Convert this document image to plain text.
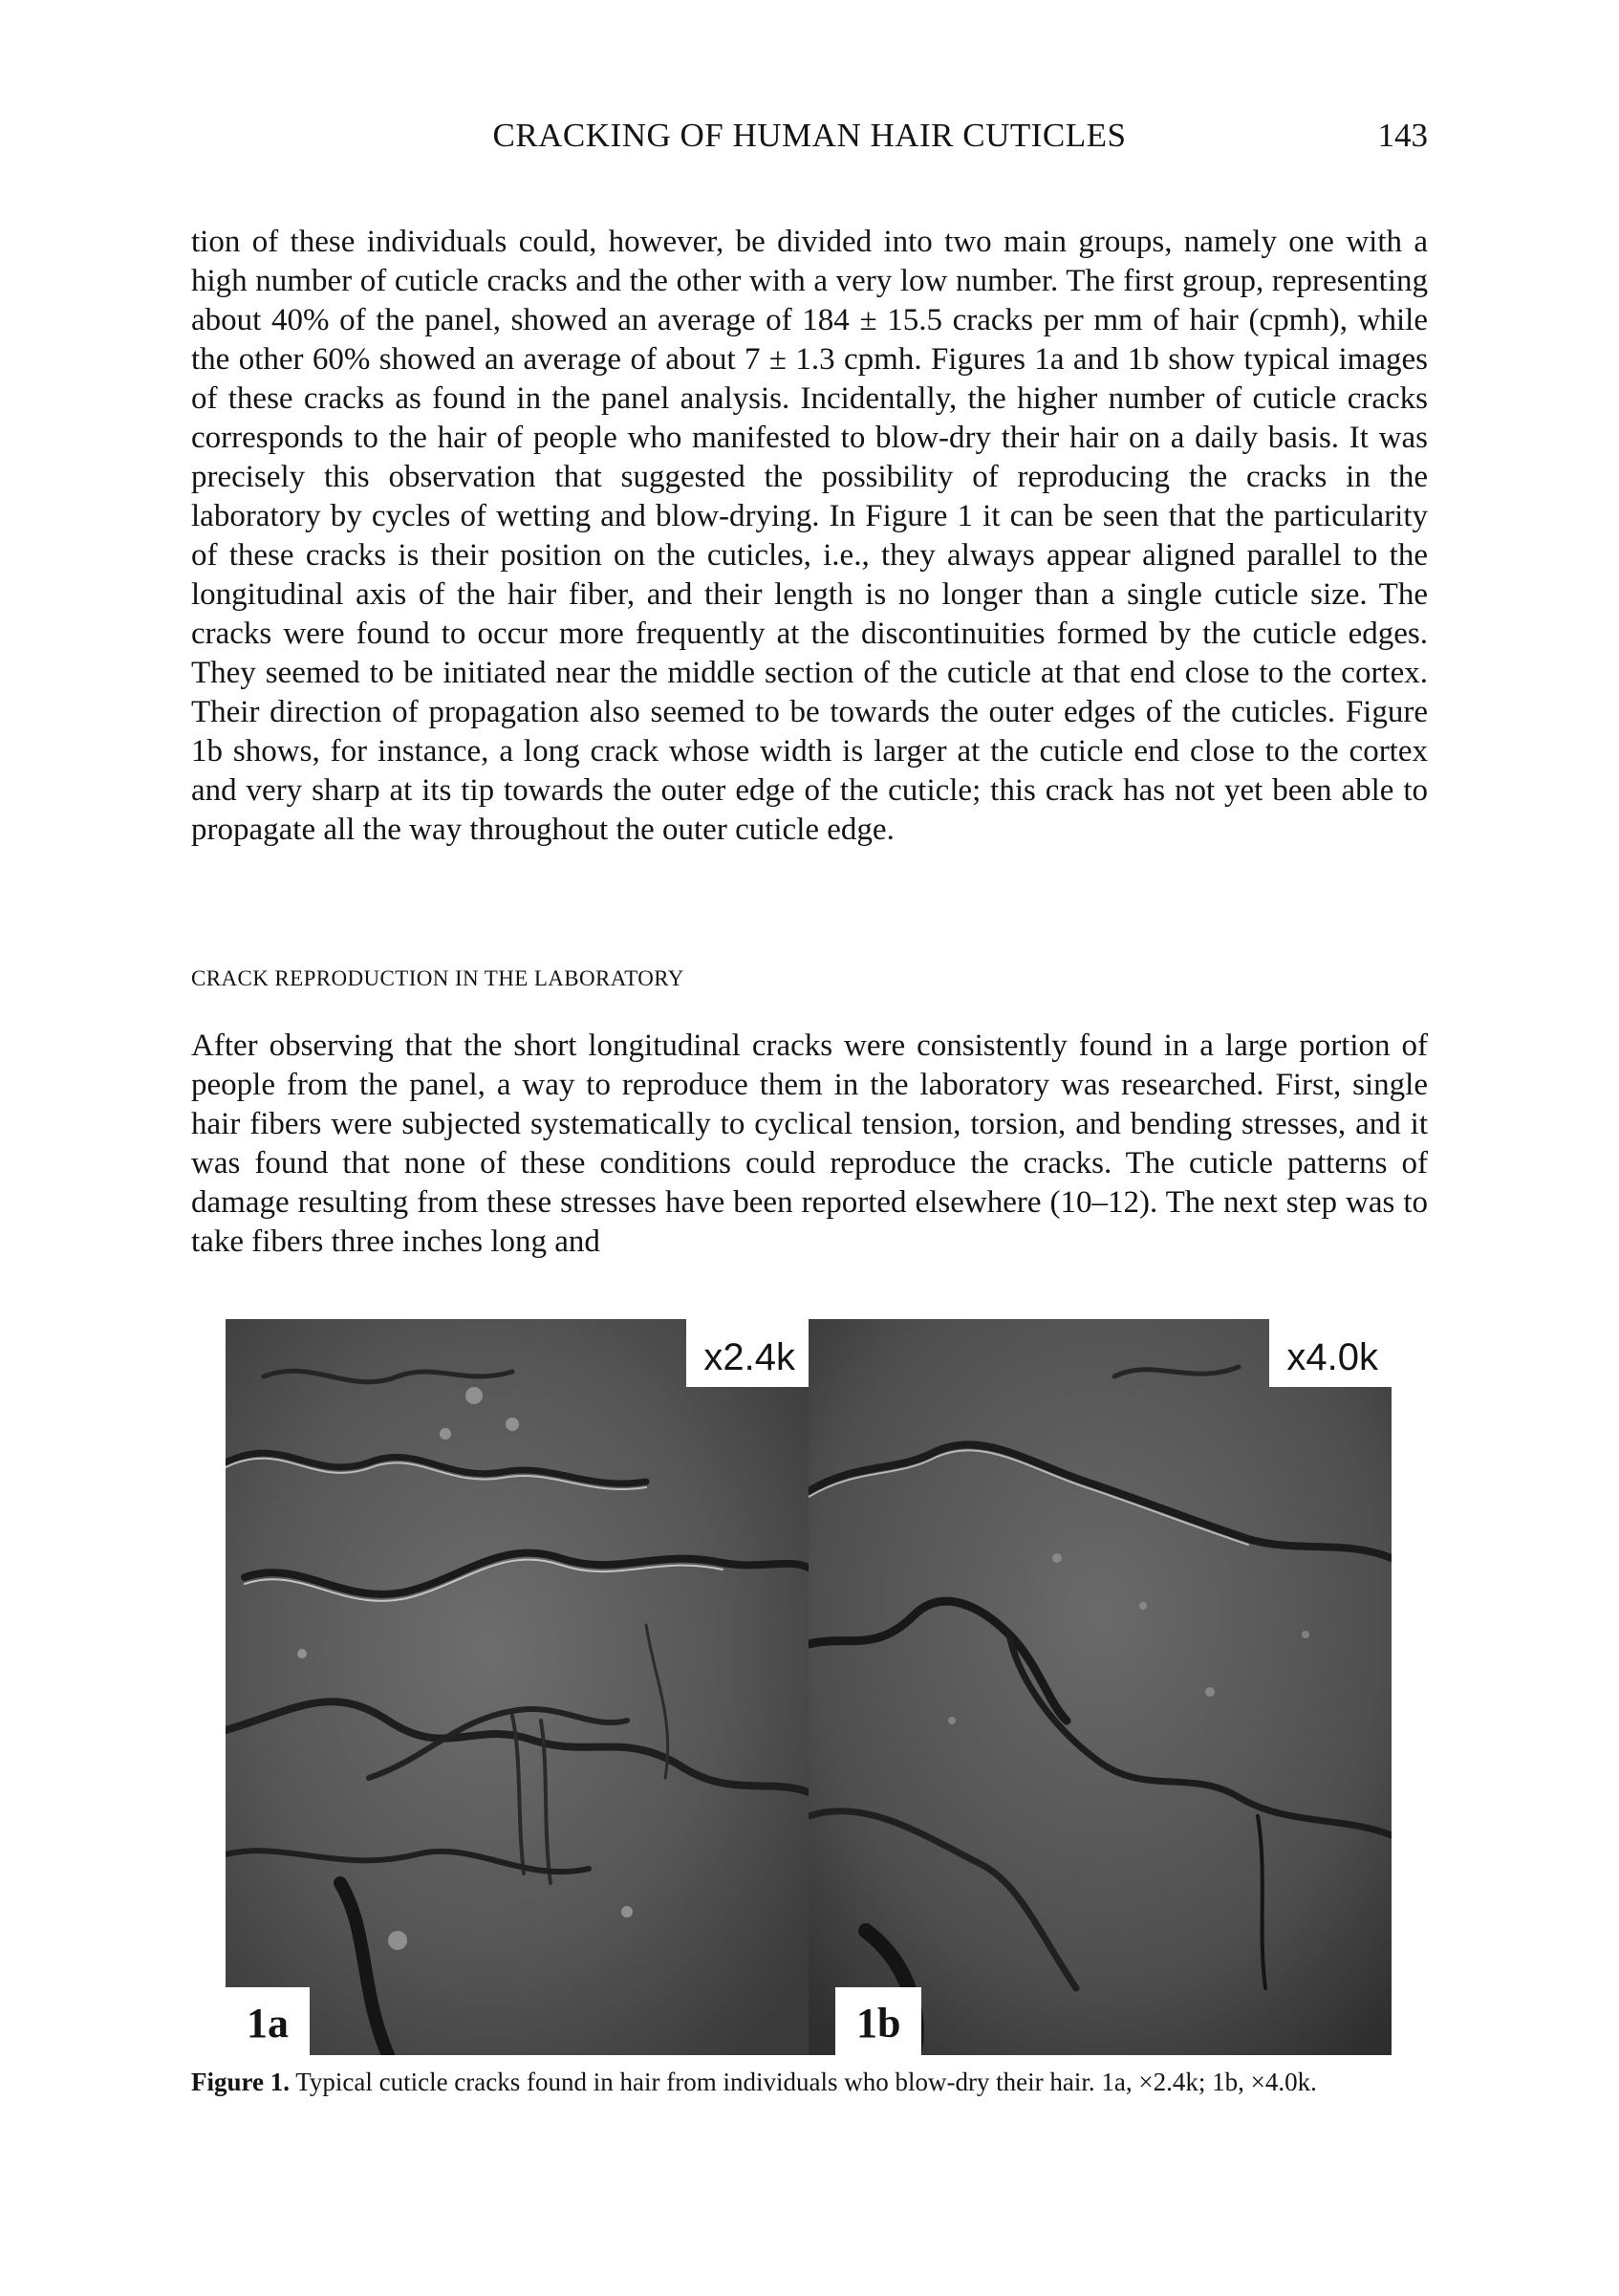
CRACKING OF HUMAN HAIR CUTICLES	143

tion of these individuals could, however, be divided into two main groups, namely one with a high number of cuticle cracks and the other with a very low number. The first group, representing about 40% of the panel, showed an average of 184 ± 15.5 cracks per mm of hair (cpmh), while the other 60% showed an average of about 7 ± 1.3 cpmh. Figures 1a and 1b show typical images of these cracks as found in the panel analysis. Incidentally, the higher number of cuticle cracks corresponds to the hair of people who manifested to blow-dry their hair on a daily basis. It was precisely this observation that suggested the possibility of reproducing the cracks in the laboratory by cycles of wetting and blow-drying. In Figure 1 it can be seen that the particularity of these cracks is their position on the cuticles, i.e., they always appear aligned parallel to the longitudinal axis of the hair fiber, and their length is no longer than a single cuticle size. The cracks were found to occur more frequently at the discontinuities formed by the cuticle edges. They seemed to be initiated near the middle section of the cuticle at that end close to the cortex. Their direction of propagation also seemed to be towards the outer edges of the cuticles. Figure 1b shows, for instance, a long crack whose width is larger at the cuticle end close to the cortex and very sharp at its tip towards the outer edge of the cuticle; this crack has not yet been able to propagate all the way throughout the outer cuticle edge.

CRACK REPRODUCTION IN THE LABORATORY

After observing that the short longitudinal cracks were consistently found in a large portion of people from the panel, a way to reproduce them in the laboratory was researched. First, single hair fibers were subjected systematically to cyclical tension, torsion, and bending stresses, and it was found that none of these conditions could reproduce the cracks. The cuticle patterns of damage resulting from these stresses have been reported elsewhere (10–12). The next step was to take fibers three inches long and

x2.4k
1a
x4.0k
1b

Figure 1. Typical cuticle cracks found in hair from individuals who blow-dry their hair. 1a, ×2.4k; 1b, ×4.0k.
